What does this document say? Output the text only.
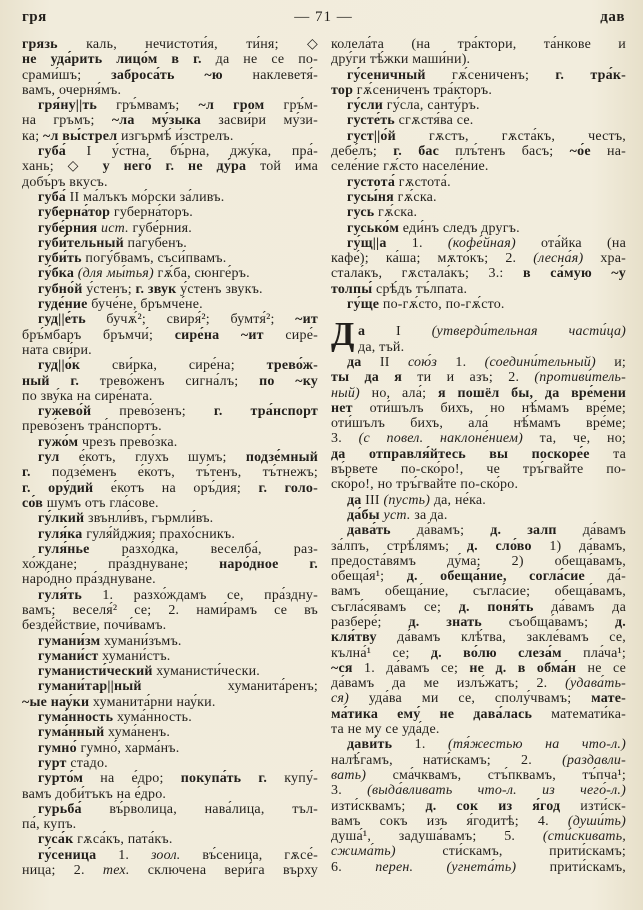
гря	— 71 —	дав
грязь каль, нечистоти́я, ти́ня; ◇
не уда́рить лицо́м в г. да не се по-
срами́шъ; заброса́ть ~ю наклеветя́-
вамъ, очерня́мъ.
гря́ну||ть гръ́мвамъ; ~л гром гръ́м-
на гръмъ; ~ла му́зыка засви́ри му́зи-
ка; ~л вы́стрел изгърмѣ́ и́зстрелъ.
губа́ I у́стна, бъ́рна, джу́ка, пра́-
хань; ◇ у него́ г. не ду́ра той и́ма
добъ́ръ вкусъ.
губа́ II ма́лъкъ мо́рски за́ливъ.
губерна́тор губерна́торъ.
губе́рния ист. губе́рния.
губи́тельный па́губенъ.
губи́ть погу́бвамъ, съси́пвамъ.
гу́бка (для мы́тья) гѫ́ба, сюнге́ръ.
губно́й у́стенъ; г. звук у́стенъ звукъ.
гуде́ние буче́не, бръмче́не.
гуд||е́ть бучѫ́²; свиря́²; бумтя́²; ~ит
бръ́мбаръ бръмчи́; сире́на ~ит сире́-
ната сви́ри.
гуд||о́к сви́рка, сире́на; трево́ж-
ный г. трево́женъ сигна́лъ; по ~ку
по зву́ка на сире́ната.
гужево́й прево́зенъ; г. тра́нспорт
прево́зенъ тра́нспортъ.
гужо́м чрезъ прево́зка.
гул е́котъ, глухъ шумъ; подзе́мный
г. подзе́менъ е́котъ, тъ́тенъ, тъ́тнежъ;
г. ору́дий е́котъ на оръ́дия; г. голо-
со́в шумъ отъ гла́сове.
гу́лкий звънли́въ, гърмли́въ.
гуля́ка гуля́йджия; прахо́сникъ.
гуля́нье разхо́дка, веселба́, раз-
хо́ждане; пра́зднуване; наро́дное г.
наро́дно пра́зднуване.
гуля́ть 1. разхо́ждамъ се, пра́здну-
вамъ; веселя́² се; 2. нами́рамъ се въ
безде́йствие, почи́вамъ.
гумани́зм хумани́зъмъ.
гумани́ст хумани́стъ.
гуманисти́ческий хуманисти́чески.
гумани́тар||ный хуманита́ренъ;
~ые нау́ки хуманита́рни нау́ки.
гума́нность хума́нность.
гума́нный хума́ненъ.
гумно́ гумно́, харма́нъ.
гурт ста́до.
гурто́м на е́дро; покупа́ть г. купу́-
вамъ доби́тъкъ на е́дро.
гурьба́ въ́рволица, нава́лица, тъл-
па́, купъ.
гуса́к гѫса́къ, пата́къ.
гу́сеница 1. зоол. въ́сеница, гѫсе́-
ница; 2. тех. сключена вери́га върху
колела́та (на тра́ктори, та́нкове и
дру́ги тѣ́жки маши́ни).
гу́сеничный гѫ́сениченъ; г. тра́к-
тор гѫ́сениченъ тра́кторъ.
гу́сли гу́сла, санту́ръ.
густе́ть сгѫстя́ва се.
густ||о́й гѫстъ, гѫста́къ, честъ,
дебе́лъ; г. бас плъ́тенъ басъ; ~о́е на-
селе́ние гѫ́сто населе́ние.
густота́ гѫстота́.
гусы́ня гѫ́ска.
гусь гѫ́ска.
гусько́м еди́нъ следъ другъ.
гу́щ||а 1. (кофе́йная) ота́йка (на
кафе́); ка́ша; мѫто́къ; 2. (лесна́я) хра-
стала́къ, гѫстала́къ; 3.: в са́мую ~у
толпы́ срѣ́дъ тъ́лпата.
гу́ще по-гѫ́сто, по-гѫ́сто.
Д а I (утверди́тельная части́ца)
да, тъй.
да II сою́з 1. (соедини́тельный) и;
ты да я ти и азъ; 2. (противи́тель-
ный) но, ала́; я пошёл бы, да вре́мени
нет оти́шълъ бихъ, но нѣ́мамъ вре́ме;
оти́шълъ бихъ, ала́ нѣ́мамъ вре́ме;
3. (с повел. наклоне́нием) та, че, но;
да отправля́йтесь вы поскоре́е та
въ́рвете по-ско́ро!, че тръ́гвайте по-
ско́ро!, но тръ́гвайте по-ско́ро.
да III (пусть) да, не́ка.
да́бы уст. за да.
дава́ть да́вамъ; д. залп да́вамъ
за́лпъ, стрѣ́лямъ; д. сло́во 1) да́вамъ,
предоста́вямъ ду́ма; 2) обеща́вамъ,
обеща́я¹; д. обеща́ние, согла́сие да́-
вамъ обеща́ние, съгла́сие; обеща́вамъ,
съгла́сявамъ се; д. поня́ть да́вамъ да
разбере́; д. знать съобща́вамъ; д.
кля́тву да́вамъ клѣ́тва, закле́вамъ се,
кълна́¹ се; д. во́лю слеза́м пла́ча¹;
~ся 1. да́вамъ се; не д. в обма́н не се
да́вамъ да ме излъ́жатъ; 2. (удава́ть-
ся) уда́ва ми се, сполу́чвамъ; мате-
ма́тика ему́ не дава́лась математи́ка-
та не му се уда́де.
дави́ть 1. (тя́жестью на что-л.)
налѣ́гамъ, нати́скамъ; 2. (раздавли-
вать) сма́чквамъ, стъ́пквамъ, тъ́пча¹;
3. (выда́вливать что-л. из чего́-л.)
изти́сквамъ; д. сок из я́год изти́ск-
вамъ сокъ изъ я́годитѣ; 4. (души́ть)
душа́¹, задуша́вамъ; 5. (сти́скивать,
сжима́ть) сти́скамъ, прити́скамъ;
6. перен. (угнета́ть) прити́скамъ,
